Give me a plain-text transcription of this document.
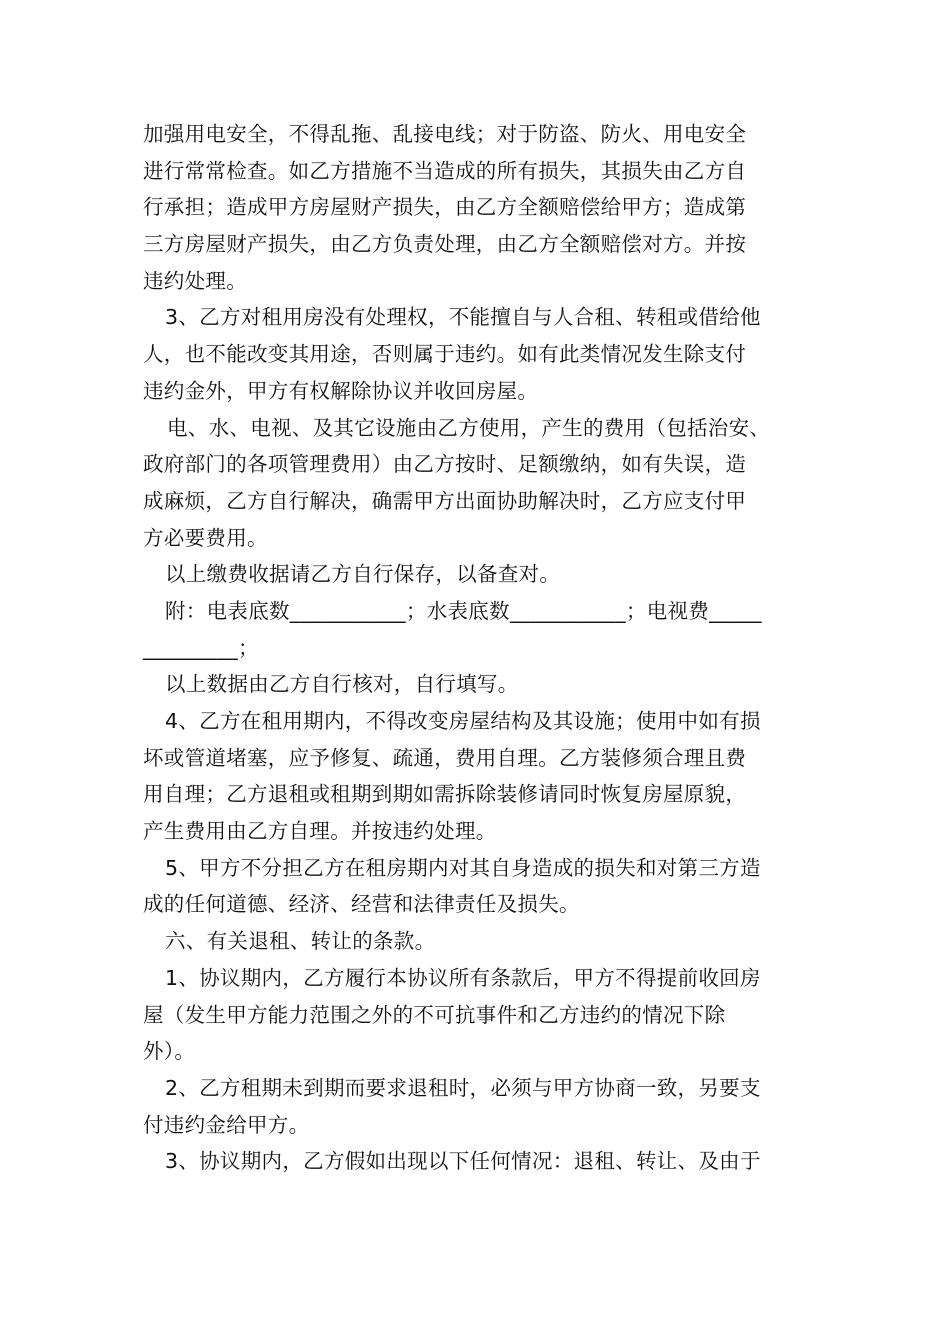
加强用电安全，不得乱拖、乱接电线；对于防盗、防火、用电安全
进行常常检查。如乙方措施不当造成的所有损失，其损失由乙方自
行承担；造成甲方房屋财产损失，由乙方全额赔偿给甲方；造成第
三方房屋财产损失，由乙方负责处理，由乙方全额赔偿对方。并按
违约处理。
3、乙方对租用房没有处理权，不能擅自与人合租、转租或借给他
人，也不能改变其用途，否则属于违约。如有此类情况发生除支付
违约金外，甲方有权解除协议并收回房屋。
电、水、电视、及其它设施由乙方使用，产生的费用（包括治安、
政府部门的各项管理费用）由乙方按时、足额缴纳，如有失误，造
成麻烦，乙方自行解决，确需甲方出面协助解决时，乙方应支付甲
方必要费用。
以上缴费收据请乙方自行保存，以备查对。
附：电表底数___________；水表底数___________；电视费_____
_________；
以上数据由乙方自行核对，自行填写。
4、乙方在租用期内，不得改变房屋结构及其设施；使用中如有损
坏或管道堵塞，应予修复、疏通，费用自理。乙方装修须合理且费
用自理；乙方退租或租期到期如需拆除装修请同时恢复房屋原貌，
产生费用由乙方自理。并按违约处理。
5、甲方不分担乙方在租房期内对其自身造成的损失和对第三方造
成的任何道德、经济、经营和法律责任及损失。
六、有关退租、转让的条款。
1、协议期内，乙方履行本协议所有条款后，甲方不得提前收回房
屋（发生甲方能力范围之外的不可抗事件和乙方违约的情况下除
外）。
2、乙方租期未到期而要求退租时，必须与甲方协商一致，另要支
付违约金给甲方。
3、协议期内，乙方假如出现以下任何情况：退租、转让、及由于
